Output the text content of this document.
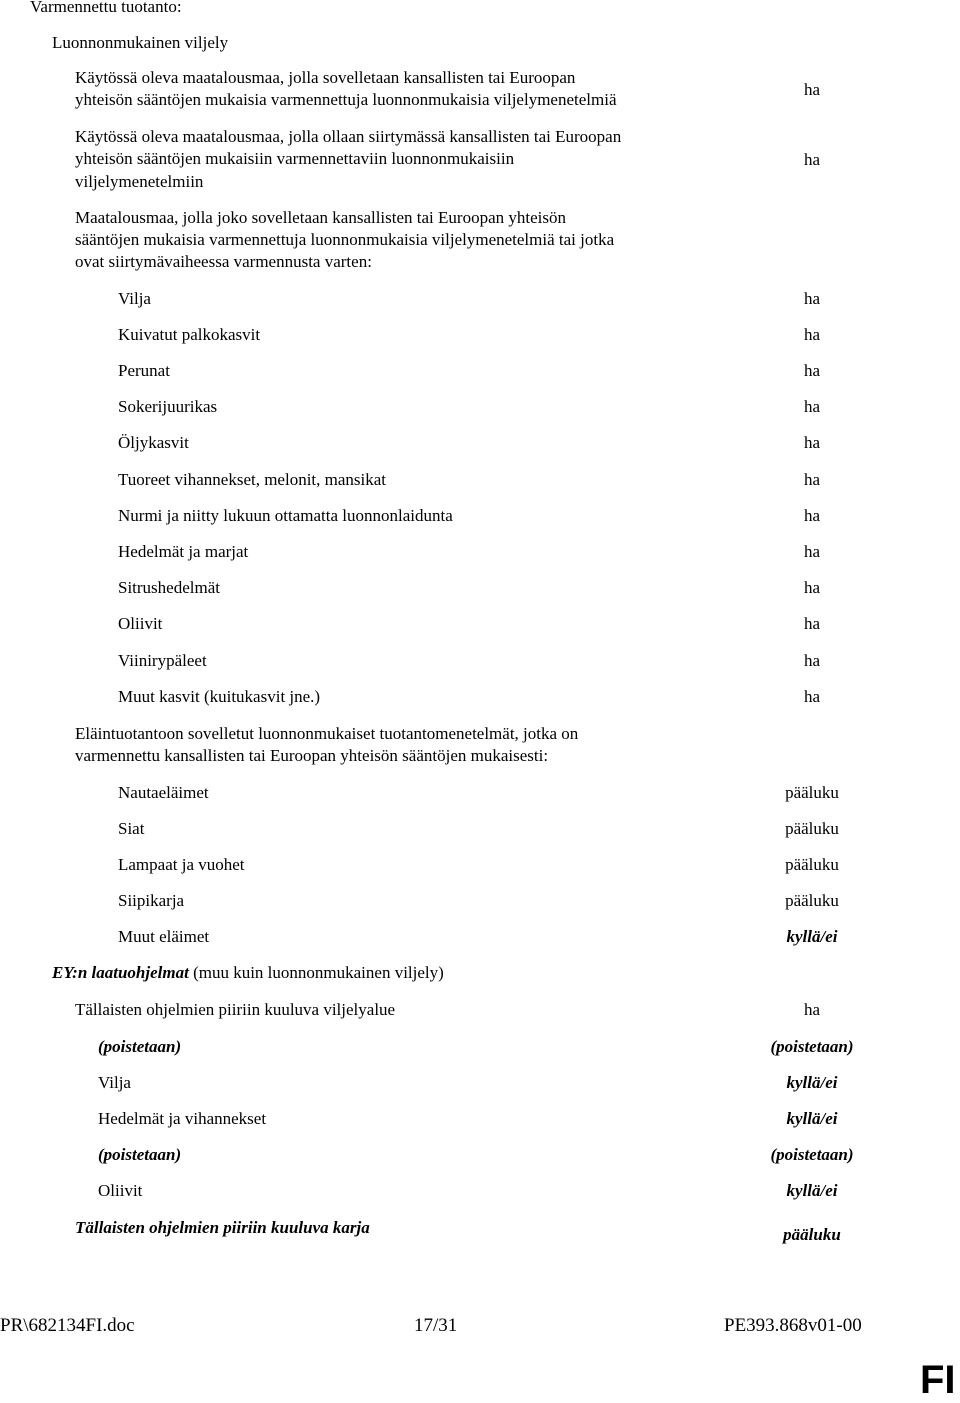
Varmennettu tuotanto:
Luonnonmukainen viljely
Käytössä oleva maatalousmaa, jolla sovelletaan kansallisten tai Euroopan
yhteisön sääntöjen mukaisia varmennettuja luonnonmukaisia viljelymenetelmiä
ha
Käytössä oleva maatalousmaa, jolla ollaan siirtymässä kansallisten tai Euroopan
yhteisön sääntöjen mukaisiin varmennettaviin luonnonmukaisiin
viljelymenetelmiin
ha
Maatalousmaa, jolla joko sovelletaan kansallisten tai Euroopan yhteisön
sääntöjen mukaisia varmennettuja luonnonmukaisia viljelymenetelmiä tai jotka
ovat siirtymävaiheessa varmennusta varten:
Vilja	ha
Kuivatut palkokasvit	ha
Perunat	ha
Sokerijuurikas	ha
Öljykasvit	ha
Tuoreet vihannekset, melonit, mansikat	ha
Nurmi ja niitty lukuun ottamatta luonnonlaidunta	ha
Hedelmät ja marjat	ha
Sitrushedelmät	ha
Oliivit	ha
Viinirypäleet	ha
Muut kasvit (kuitukasvit jne.)	ha
Eläintuotantoon sovelletut luonnonmukaiset tuotantomenetelmät, jotka on
varmennettu kansallisten tai Euroopan yhteisön sääntöjen mukaisesti:
Nautaeläimet	pääluku
Siat	pääluku
Lampaat ja vuohet	pääluku
Siipikarja	pääluku
Muut eläimet	kyllä/ei
EY:n laatuohjelmat (muu kuin luonnonmukainen viljely)
Tällaisten ohjelmien piiriin kuuluva viljelyalue	ha
(poistetaan)	(poistetaan)
Vilja	kyllä/ei
Hedelmät ja vihannekset	kyllä/ei
(poistetaan)	(poistetaan)
Oliivit	kyllä/ei
Tällaisten ohjelmien piiriin kuuluva karja	pääluku
PR\682134FI.doc	17/31	PE393.868v01-00
FI
